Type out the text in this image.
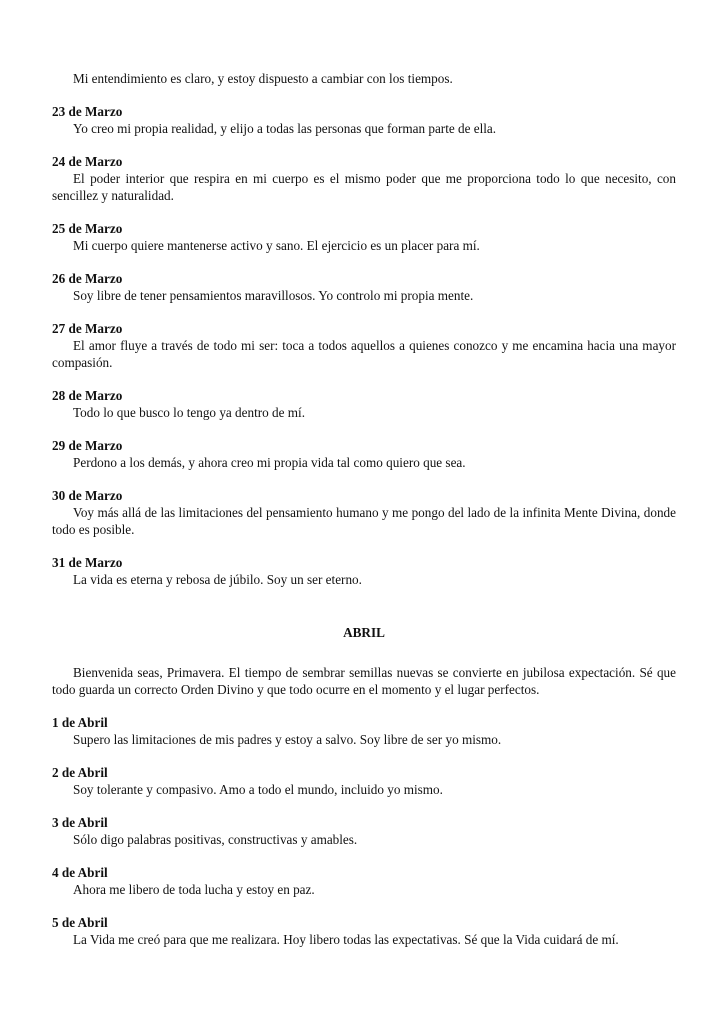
Mi entendimiento es claro, y estoy dispuesto a cambiar con los tiempos.

23 de Marzo

Yo creo mi propia realidad, y elijo a todas las personas que forman parte de ella.

24 de Marzo

El poder interior que respira en mi cuerpo es el mismo poder que me proporciona todo lo que necesito, con sencillez y naturalidad.

25 de Marzo

Mi cuerpo quiere mantenerse activo y sano. El ejercicio es un placer para mí.

26 de Marzo

Soy libre de tener pensamientos maravillosos. Yo controlo mi propia mente.

27 de Marzo

El amor fluye a través de todo mi ser: toca a todos aquellos a quienes conozco y me encamina hacia una mayor compasión.

28 de Marzo

Todo lo que busco lo tengo ya dentro de mí.

29 de Marzo

Perdono a los demás, y ahora creo mi propia vida tal como quiero que sea.

30 de Marzo

Voy más allá de las limitaciones del pensamiento humano y me pongo del lado de la infinita Mente Divina, donde todo es posible.

31 de Marzo

La vida es eterna y rebosa de júbilo. Soy un ser eterno.

ABRIL

Bienvenida seas, Primavera. El tiempo de sembrar semillas nuevas se convierte en jubilosa expectación. Sé que todo guarda un correcto Orden Divino y que todo ocurre en el momento y el lugar perfectos.

1 de Abril

Supero las limitaciones de mis padres y estoy a salvo. Soy libre de ser yo mismo.

2 de Abril

Soy tolerante y compasivo. Amo a todo el mundo, incluido yo mismo.

3 de Abril

Sólo digo palabras positivas, constructivas y amables.

4 de Abril

Ahora me libero de toda lucha y estoy en paz.

5 de Abril

La Vida me creó para que me realizara. Hoy libero todas las expectativas. Sé que la Vida cuidará de mí.
